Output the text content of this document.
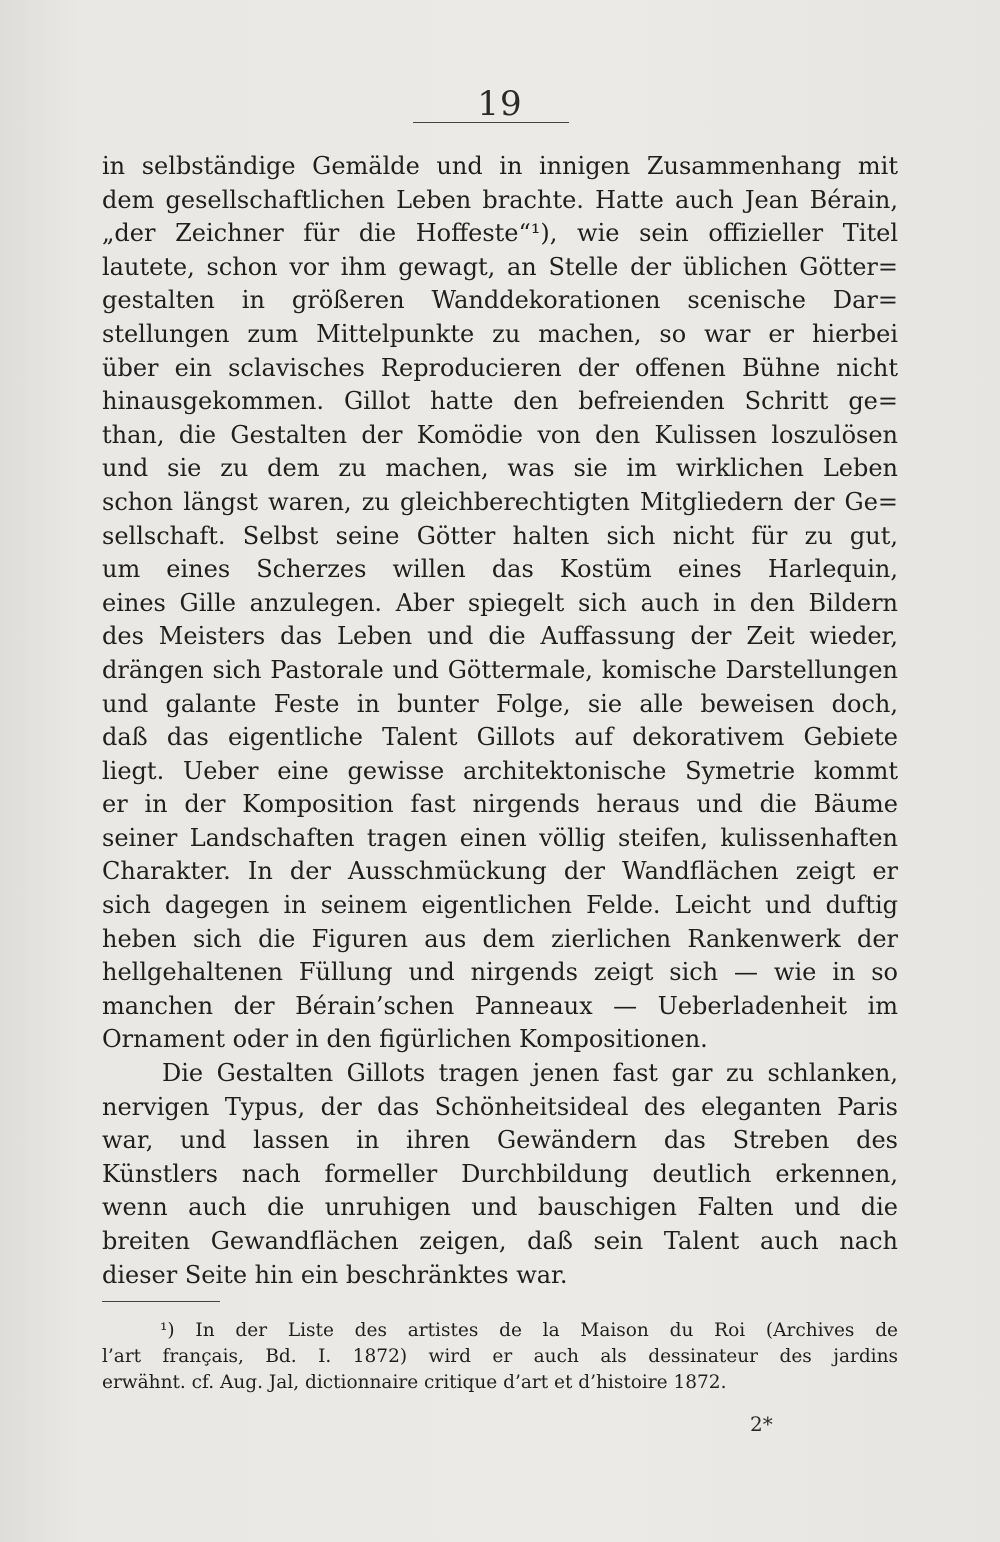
19
in selbständige Gemälde und in innigen Zusammenhang mit
dem gesellschaftlichen Leben brachte. Hatte auch Jean Bérain,
„der Zeichner für die Hoffeste“¹), wie sein offizieller Titel
lautete, schon vor ihm gewagt, an Stelle der üblichen Götter=
gestalten in größeren Wanddekorationen scenische Dar=
stellungen zum Mittelpunkte zu machen, so war er hierbei
über ein sclavisches Reproducieren der offenen Bühne nicht
hinausgekommen. Gillot hatte den befreienden Schritt ge=
than, die Gestalten der Komödie von den Kulissen loszulösen
und sie zu dem zu machen, was sie im wirklichen Leben
schon längst waren, zu gleichberechtigten Mitgliedern der Ge=
sellschaft. Selbst seine Götter halten sich nicht für zu gut,
um eines Scherzes willen das Kostüm eines Harlequin,
eines Gille anzulegen. Aber spiegelt sich auch in den Bildern
des Meisters das Leben und die Auffassung der Zeit wieder,
drängen sich Pastorale und Göttermale, komische Darstellungen
und galante Feste in bunter Folge, sie alle beweisen doch,
daß das eigentliche Talent Gillots auf dekorativem Gebiete
liegt. Ueber eine gewisse architektonische Symetrie kommt
er in der Komposition fast nirgends heraus und die Bäume
seiner Landschaften tragen einen völlig steifen, kulissenhaften
Charakter. In der Ausschmückung der Wandflächen zeigt er
sich dagegen in seinem eigentlichen Felde. Leicht und duftig
heben sich die Figuren aus dem zierlichen Rankenwerk der
hellgehaltenen Füllung und nirgends zeigt sich — wie in so
manchen der Bérain’schen Panneaux — Ueberladenheit im
Ornament oder in den figürlichen Kompositionen.
Die Gestalten Gillots tragen jenen fast gar zu schlanken,
nervigen Typus, der das Schönheitsideal des eleganten Paris
war, und lassen in ihren Gewändern das Streben des
Künstlers nach formeller Durchbildung deutlich erkennen,
wenn auch die unruhigen und bauschigen Falten und die
breiten Gewandflächen zeigen, daß sein Talent auch nach
dieser Seite hin ein beschränktes war.
¹) In der Liste des artistes de la Maison du Roi (Archives de
l’art français, Bd. I. 1872) wird er auch als dessinateur des jardins
erwähnt. cf. Aug. Jal, dictionnaire critique d’art et d’histoire 1872.
2*
